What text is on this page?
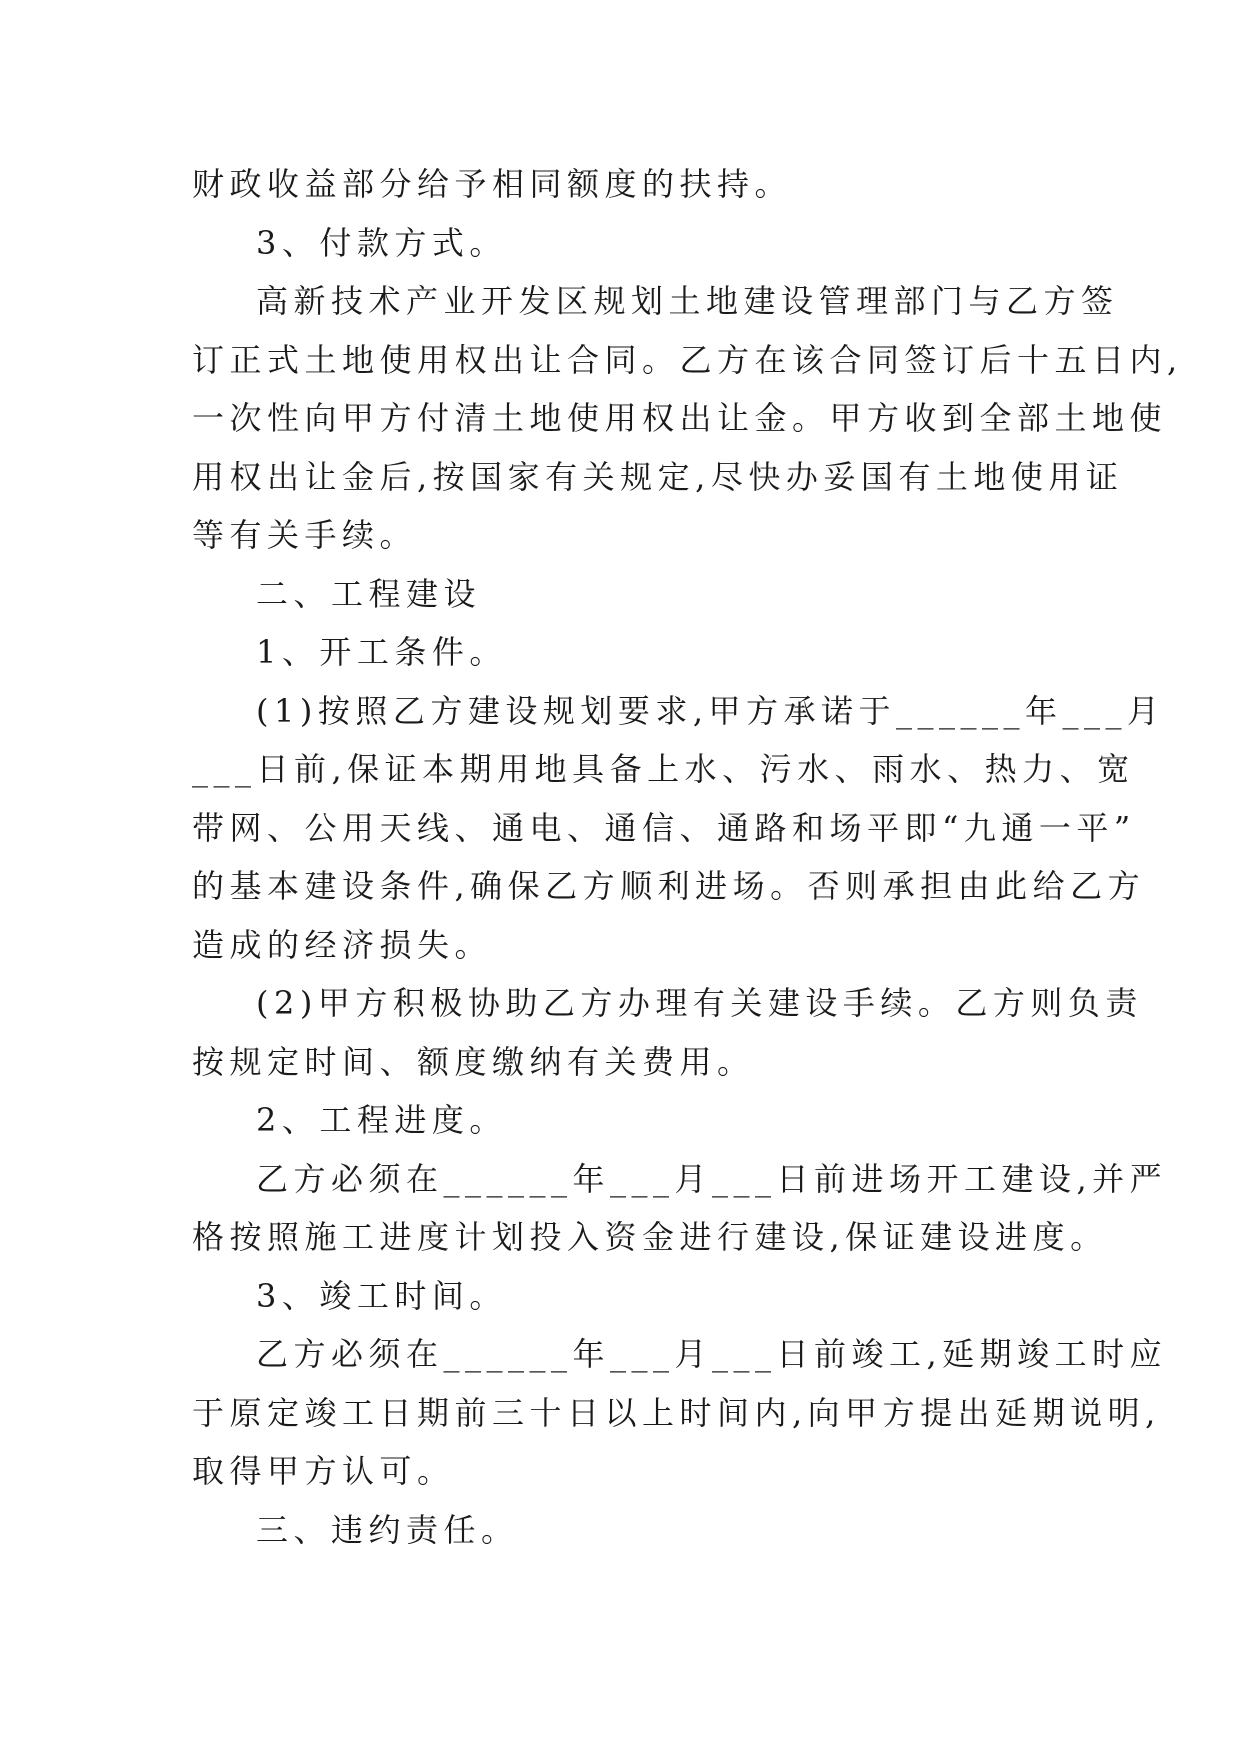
财政收益部分给予相同额度的扶持。
3、付款方式。
高新技术产业开发区规划土地建设管理部门与乙方签
订正式土地使用权出让合同。乙方在该合同签订后十五日内,
一次性向甲方付清土地使用权出让金。甲方收到全部土地使
用权出让金后,按国家有关规定,尽快办妥国有土地使用证
等有关手续。
二、工程建设
1、开工条件。
(1)按照乙方建设规划要求,甲方承诺于______年___月
___日前,保证本期用地具备上水、污水、雨水、热力、宽
带网、公用天线、通电、通信、通路和场平即“九通一平”
的基本建设条件,确保乙方顺利进场。否则承担由此给乙方
造成的经济损失。
(2)甲方积极协助乙方办理有关建设手续。乙方则负责
按规定时间、额度缴纳有关费用。
2、工程进度。
乙方必须在______年___月___日前进场开工建设,并严
格按照施工进度计划投入资金进行建设,保证建设进度。
3、竣工时间。
乙方必须在______年___月___日前竣工,延期竣工时应
于原定竣工日期前三十日以上时间内,向甲方提出延期说明,
取得甲方认可。
三、违约责任。
